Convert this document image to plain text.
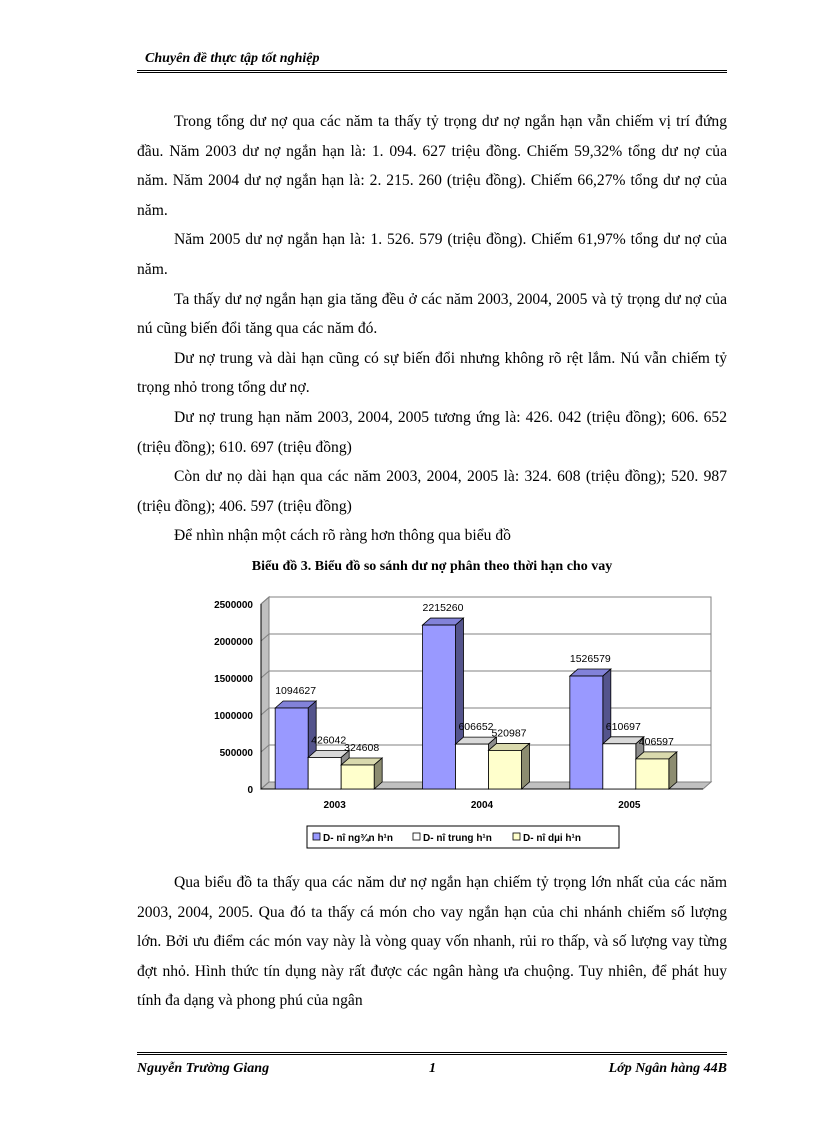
Chuyên đề thực tập tốt nghiệp

Trong tổng dư nợ qua các năm ta thấy tỷ trọng dư nợ ngắn hạn vẫn chiếm vị trí đứng đầu. Năm 2003 dư nợ ngắn hạn là: 1. 094. 627 triệu đồng. Chiếm 59,32% tổng dư nợ của năm. Năm 2004 dư nợ ngắn hạn là: 2. 215. 260 (triệu đồng). Chiếm 66,27% tổng dư nợ của năm.

Năm 2005 dư nợ ngắn hạn là: 1. 526. 579 (triệu đồng). Chiếm 61,97% tổng dư nợ của năm.

Ta thấy dư nợ ngắn hạn gia tăng đều ở các năm 2003, 2004, 2005 và tỷ trọng dư nợ của nú cũng biến đổi tăng qua các năm đó.

Dư nợ trung và dài hạn cũng có sự biến đổi nhưng không rõ rệt lắm. Nú vẫn chiếm tỷ trọng nhỏ trong tổng dư nợ.

Dư nợ trung hạn năm 2003, 2004, 2005 tương ứng là: 426. 042 (triệu đồng); 606. 652 (triệu đồng); 610. 697 (triệu đồng)

Còn dư nọ dài hạn qua các năm 2003, 2004, 2005 là: 324. 608 (triệu đồng); 520. 987 (triệu đồng); 406. 597 (triệu đồng)

Để nhìn nhận một cách rõ ràng hơn thông qua biểu đồ

Biểu đồ 3. Biểu đồ so sánh dư nợ phân theo thời hạn cho vay
0
500000
1000000
1500000
2000000
2500000
1094627
426042
324608
2003
2215260
606652
520987
2004
1526579
610697
406597
2005
D- nî ng¾n h¹n	D- nî trung h¹n	D- nî dµi h¹n

Qua biểu đồ ta thấy qua các năm dư nợ ngắn hạn chiếm tỷ trọng lớn nhất của các năm 2003, 2004, 2005. Qua đó ta thấy cá món cho vay ngắn hạn của chi nhánh chiếm số lượng lớn. Bởi ưu điểm các món vay này là vòng quay vốn nhanh, rủi ro thấp, và số lượng vay từng đợt nhỏ. Hình thức tín dụng này rất được các ngân hàng ưa chuộng. Tuy nhiên, để phát huy tính đa dạng và phong phú của ngân

Nguyễn Trường Giang	1	Lớp Ngân hàng 44B
